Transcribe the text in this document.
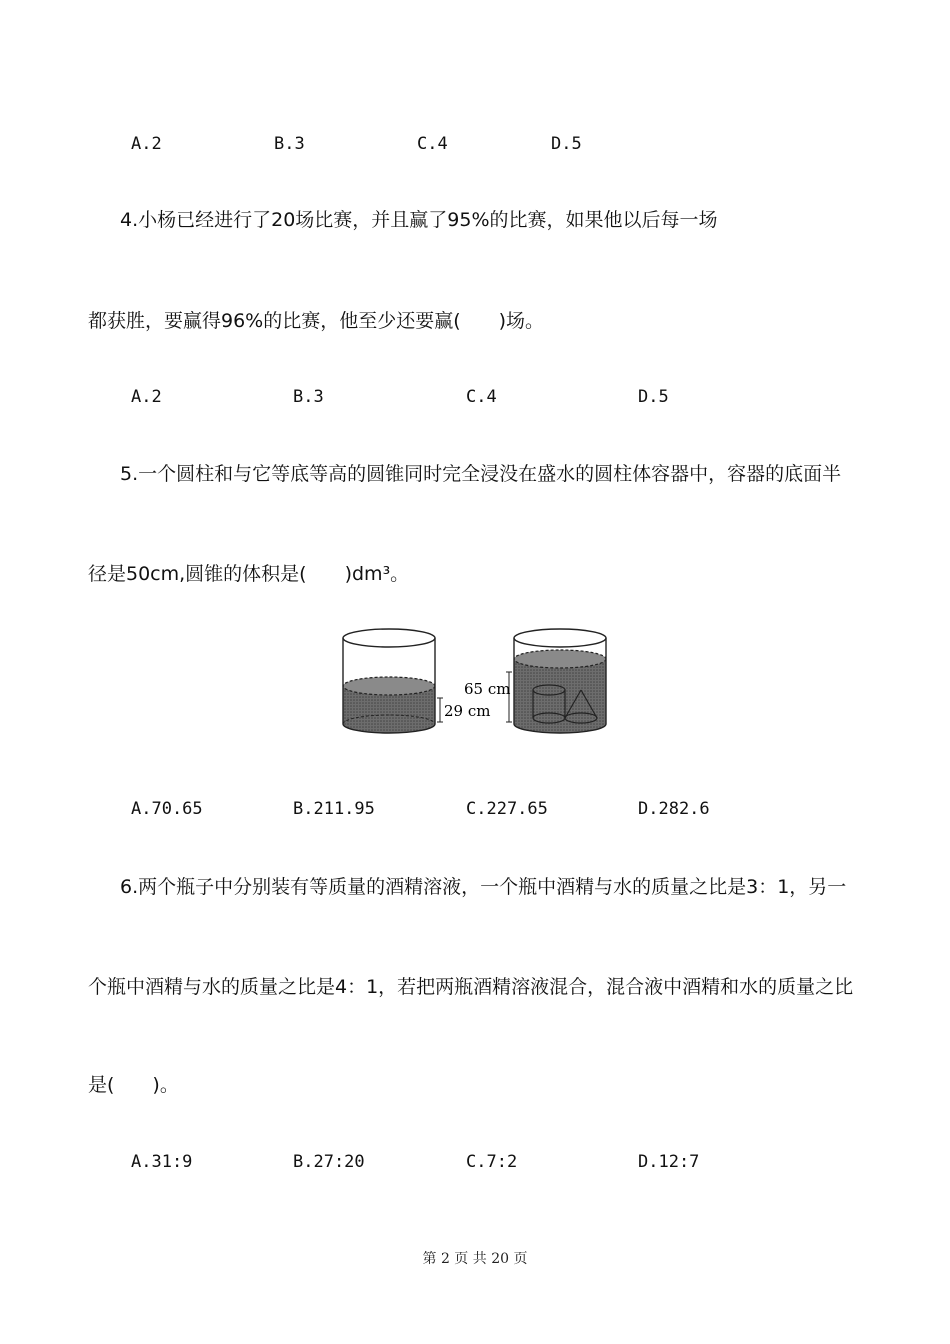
A.2	B.3	C.4	D.5
4.小杨已经进行了20场比赛，并且赢了95%的比赛，如果他以后每一场
都获胜，要赢得96%的比赛，他至少还要赢(　　)场。
A.2	B.3	C.4	D.5
5.一个圆柱和与它等底等高的圆锥同时完全浸没在盛水的圆柱体容器中，容器的底面半
径是50cm,圆锥的体积是(　　)dm³。
65 cm
29 cm
A.70.65	B.211.95	C.227.65	D.282.6
6.两个瓶子中分别装有等质量的酒精溶液，一个瓶中酒精与水的质量之比是3：1，另一
个瓶中酒精与水的质量之比是4：1，若把两瓶酒精溶液混合，混合液中酒精和水的质量之比
是(　　)。
A.31:9	B.27:20	C.7:2	D.12:7
第 2 页 共 20 页
